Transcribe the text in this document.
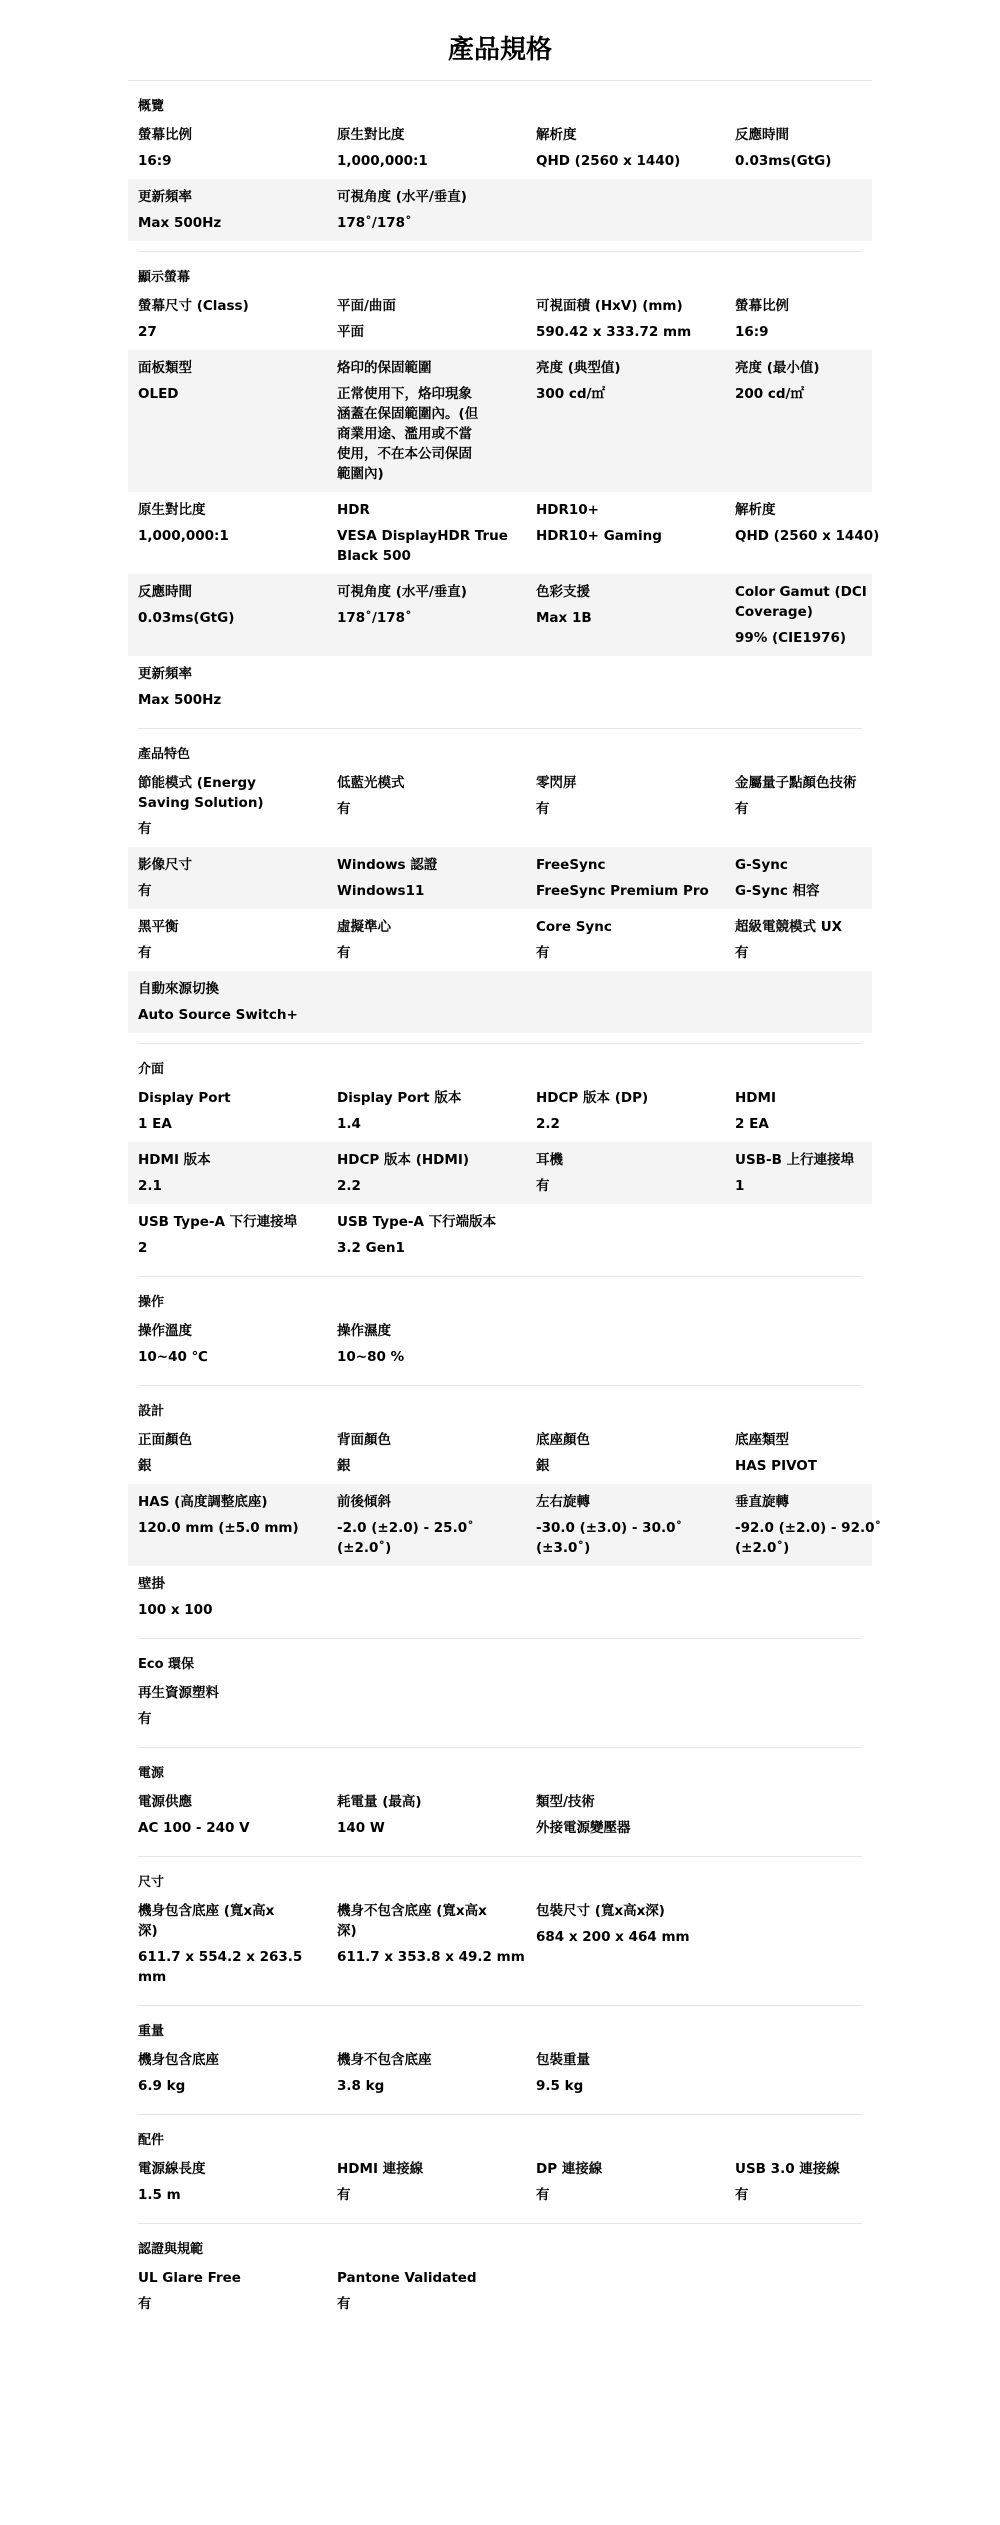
產品規格
概覽
螢幕比例
16:9
原生對比度
1,000,000:1
解析度
QHD (2560 x 1440)
反應時間
0.03ms(GtG)
更新頻率
Max 500Hz
可視角度 (水平/垂直)
178˚/178˚
顯示螢幕
螢幕尺寸 (Class)
27
平面/曲面
平面
可視面積 (HxV) (mm)
590.42 x 333.72 mm
螢幕比例
16:9
面板類型
OLED
烙印的保固範圍
正常使用下，烙印現象
涵蓋在保固範圍內。(但
商業用途、濫用或不當
使用，不在本公司保固
範圍內)
亮度 (典型值)
300 cd/㎡
亮度 (最小值)
200 cd/㎡
原生對比度
1,000,000:1
HDR
VESA DisplayHDR True
Black 500
HDR10+
HDR10+ Gaming
解析度
QHD (2560 x 1440)
反應時間
0.03ms(GtG)
可視角度 (水平/垂直)
178˚/178˚
色彩支援
Max 1B
Color Gamut (DCI
Coverage)
99% (CIE1976)
更新頻率
Max 500Hz
產品特色
節能模式 (Energy
Saving Solution)
有
低藍光模式
有
零閃屏
有
金屬量子點顏色技術
有
影像尺寸
有
Windows 認證
Windows11
FreeSync
FreeSync Premium Pro
G-Sync
G-Sync 相容
黑平衡
有
虛擬準心
有
Core Sync
有
超級電競模式 UX
有
自動來源切換
Auto Source Switch+
介面
Display Port
1 EA
Display Port 版本
1.4
HDCP 版本 (DP)
2.2
HDMI
2 EA
HDMI 版本
2.1
HDCP 版本 (HDMI)
2.2
耳機
有
USB-B 上行連接埠
1
USB Type-A 下行連接埠
2
USB Type-A 下行端版本
3.2 Gen1
操作
操作溫度
10~40 ℃
操作濕度
10~80 %
設計
正面顏色
銀
背面顏色
銀
底座顏色
銀
底座類型
HAS PIVOT
HAS (高度調整底座)
120.0 mm (±5.0 mm)
前後傾斜
-2.0 (±2.0) - 25.0˚
(±2.0˚)
左右旋轉
-30.0 (±3.0) - 30.0˚
(±3.0˚)
垂直旋轉
-92.0 (±2.0) - 92.0˚
(±2.0˚)
壁掛
100 x 100
Eco 環保
再生資源塑料
有
電源
電源供應
AC 100 - 240 V
耗電量 (最高)
140 W
類型/技術
外接電源變壓器
尺寸
機身包含底座 (寬x高x
深)
611.7 x 554.2 x 263.5
mm
機身不包含底座 (寬x高x
深)
611.7 x 353.8 x 49.2 mm
包裝尺寸 (寬x高x深)
684 x 200 x 464 mm
重量
機身包含底座
6.9 kg
機身不包含底座
3.8 kg
包裝重量
9.5 kg
配件
電源線長度
1.5 m
HDMI 連接線
有
DP 連接線
有
USB 3.0 連接線
有
認證與規範
UL Glare Free
有
Pantone Validated
有
